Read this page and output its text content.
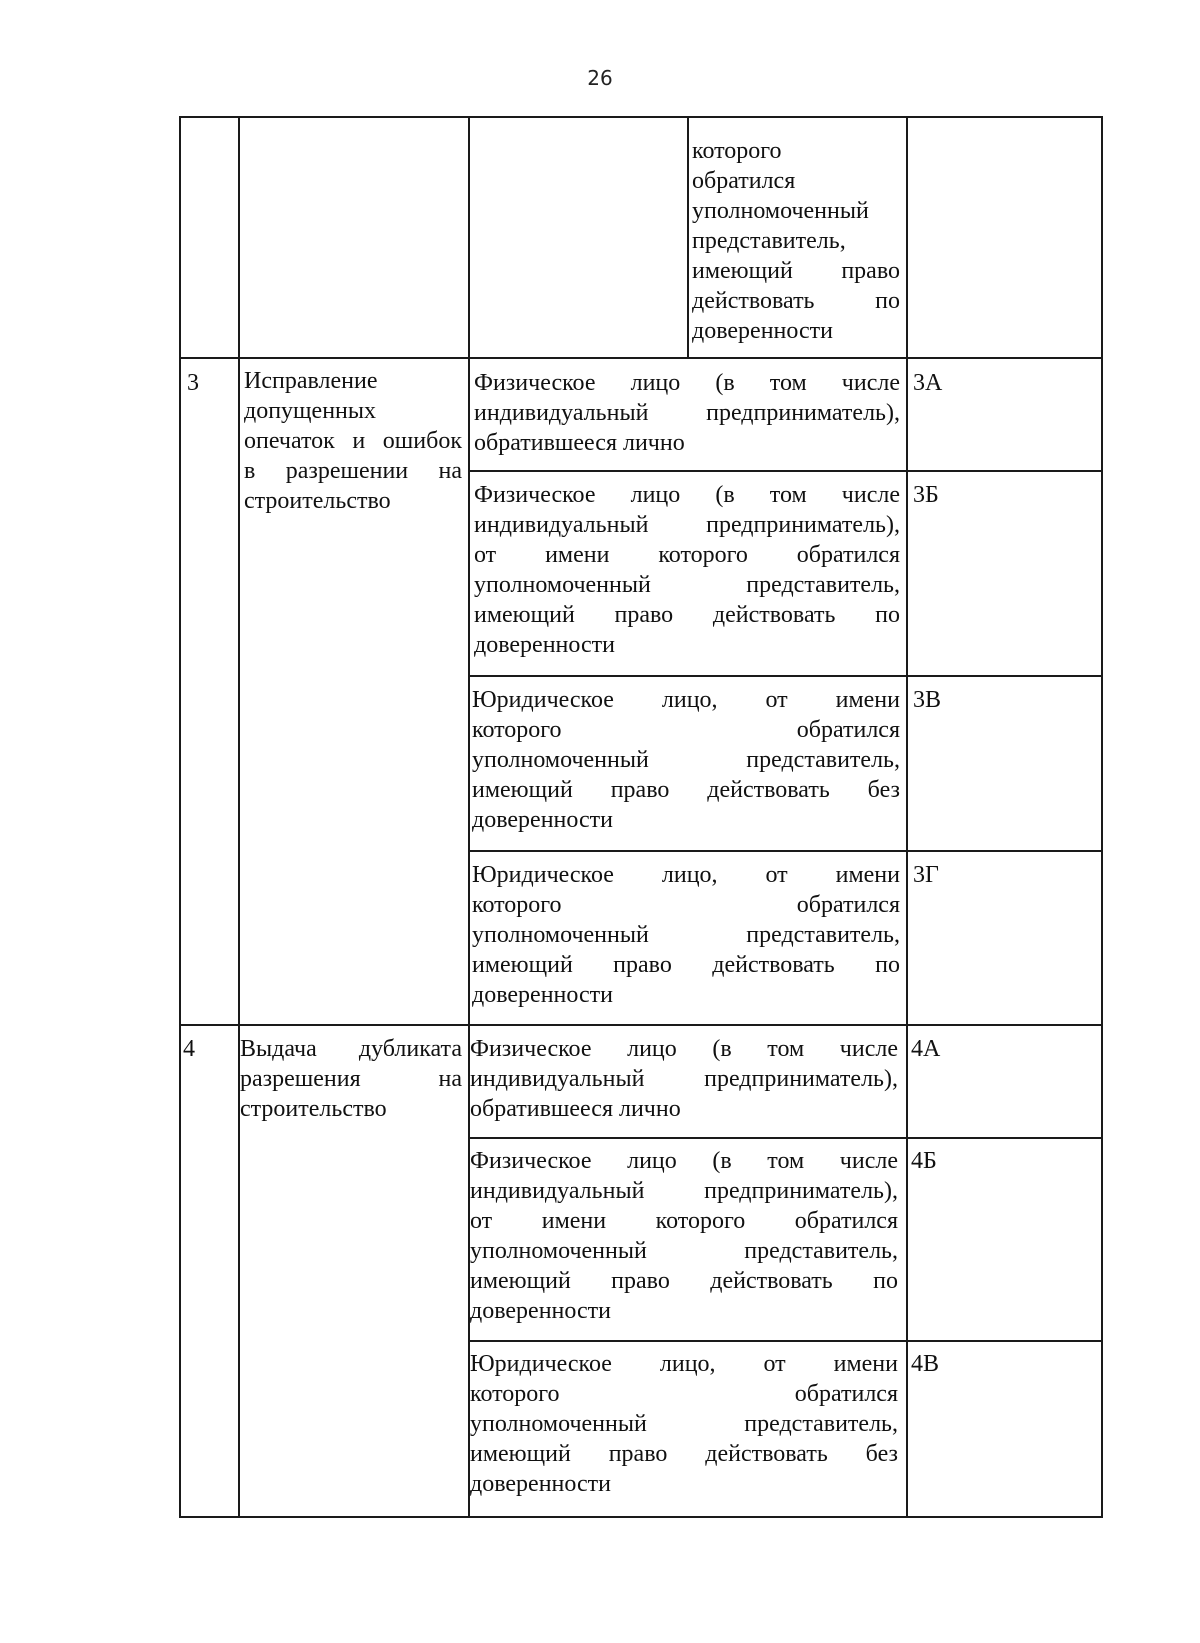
26
которого
обратился
уполномоченный
представитель,
имеющий право
действовать по
доверенности
3	Исправление
допущенных
опечаток и ошибок
в разрешении на
строительство
Физическое лицо (в том числе
индивидуальный предприниматель),
обратившееся лично
3А
Физическое лицо (в том числе
индивидуальный предприниматель),
от имени которого обратился
уполномоченный представитель,
имеющий право действовать по
доверенности
3Б
Юридическое лицо, от имени
которого обратился
уполномоченный представитель,
имеющий право действовать без
доверенности
3В
Юридическое лицо, от имени
которого обратился
уполномоченный представитель,
имеющий право действовать по
доверенности
3Г
4	Выдача дубликата
разрешения на
строительство
Физическое лицо (в том числе
индивидуальный предприниматель),
обратившееся лично
4А
Физическое лицо (в том числе
индивидуальный предприниматель),
от имени которого обратился
уполномоченный представитель,
имеющий право действовать по
доверенности
4Б
Юридическое лицо, от имени
которого обратился
уполномоченный представитель,
имеющий право действовать без
доверенности
4В
